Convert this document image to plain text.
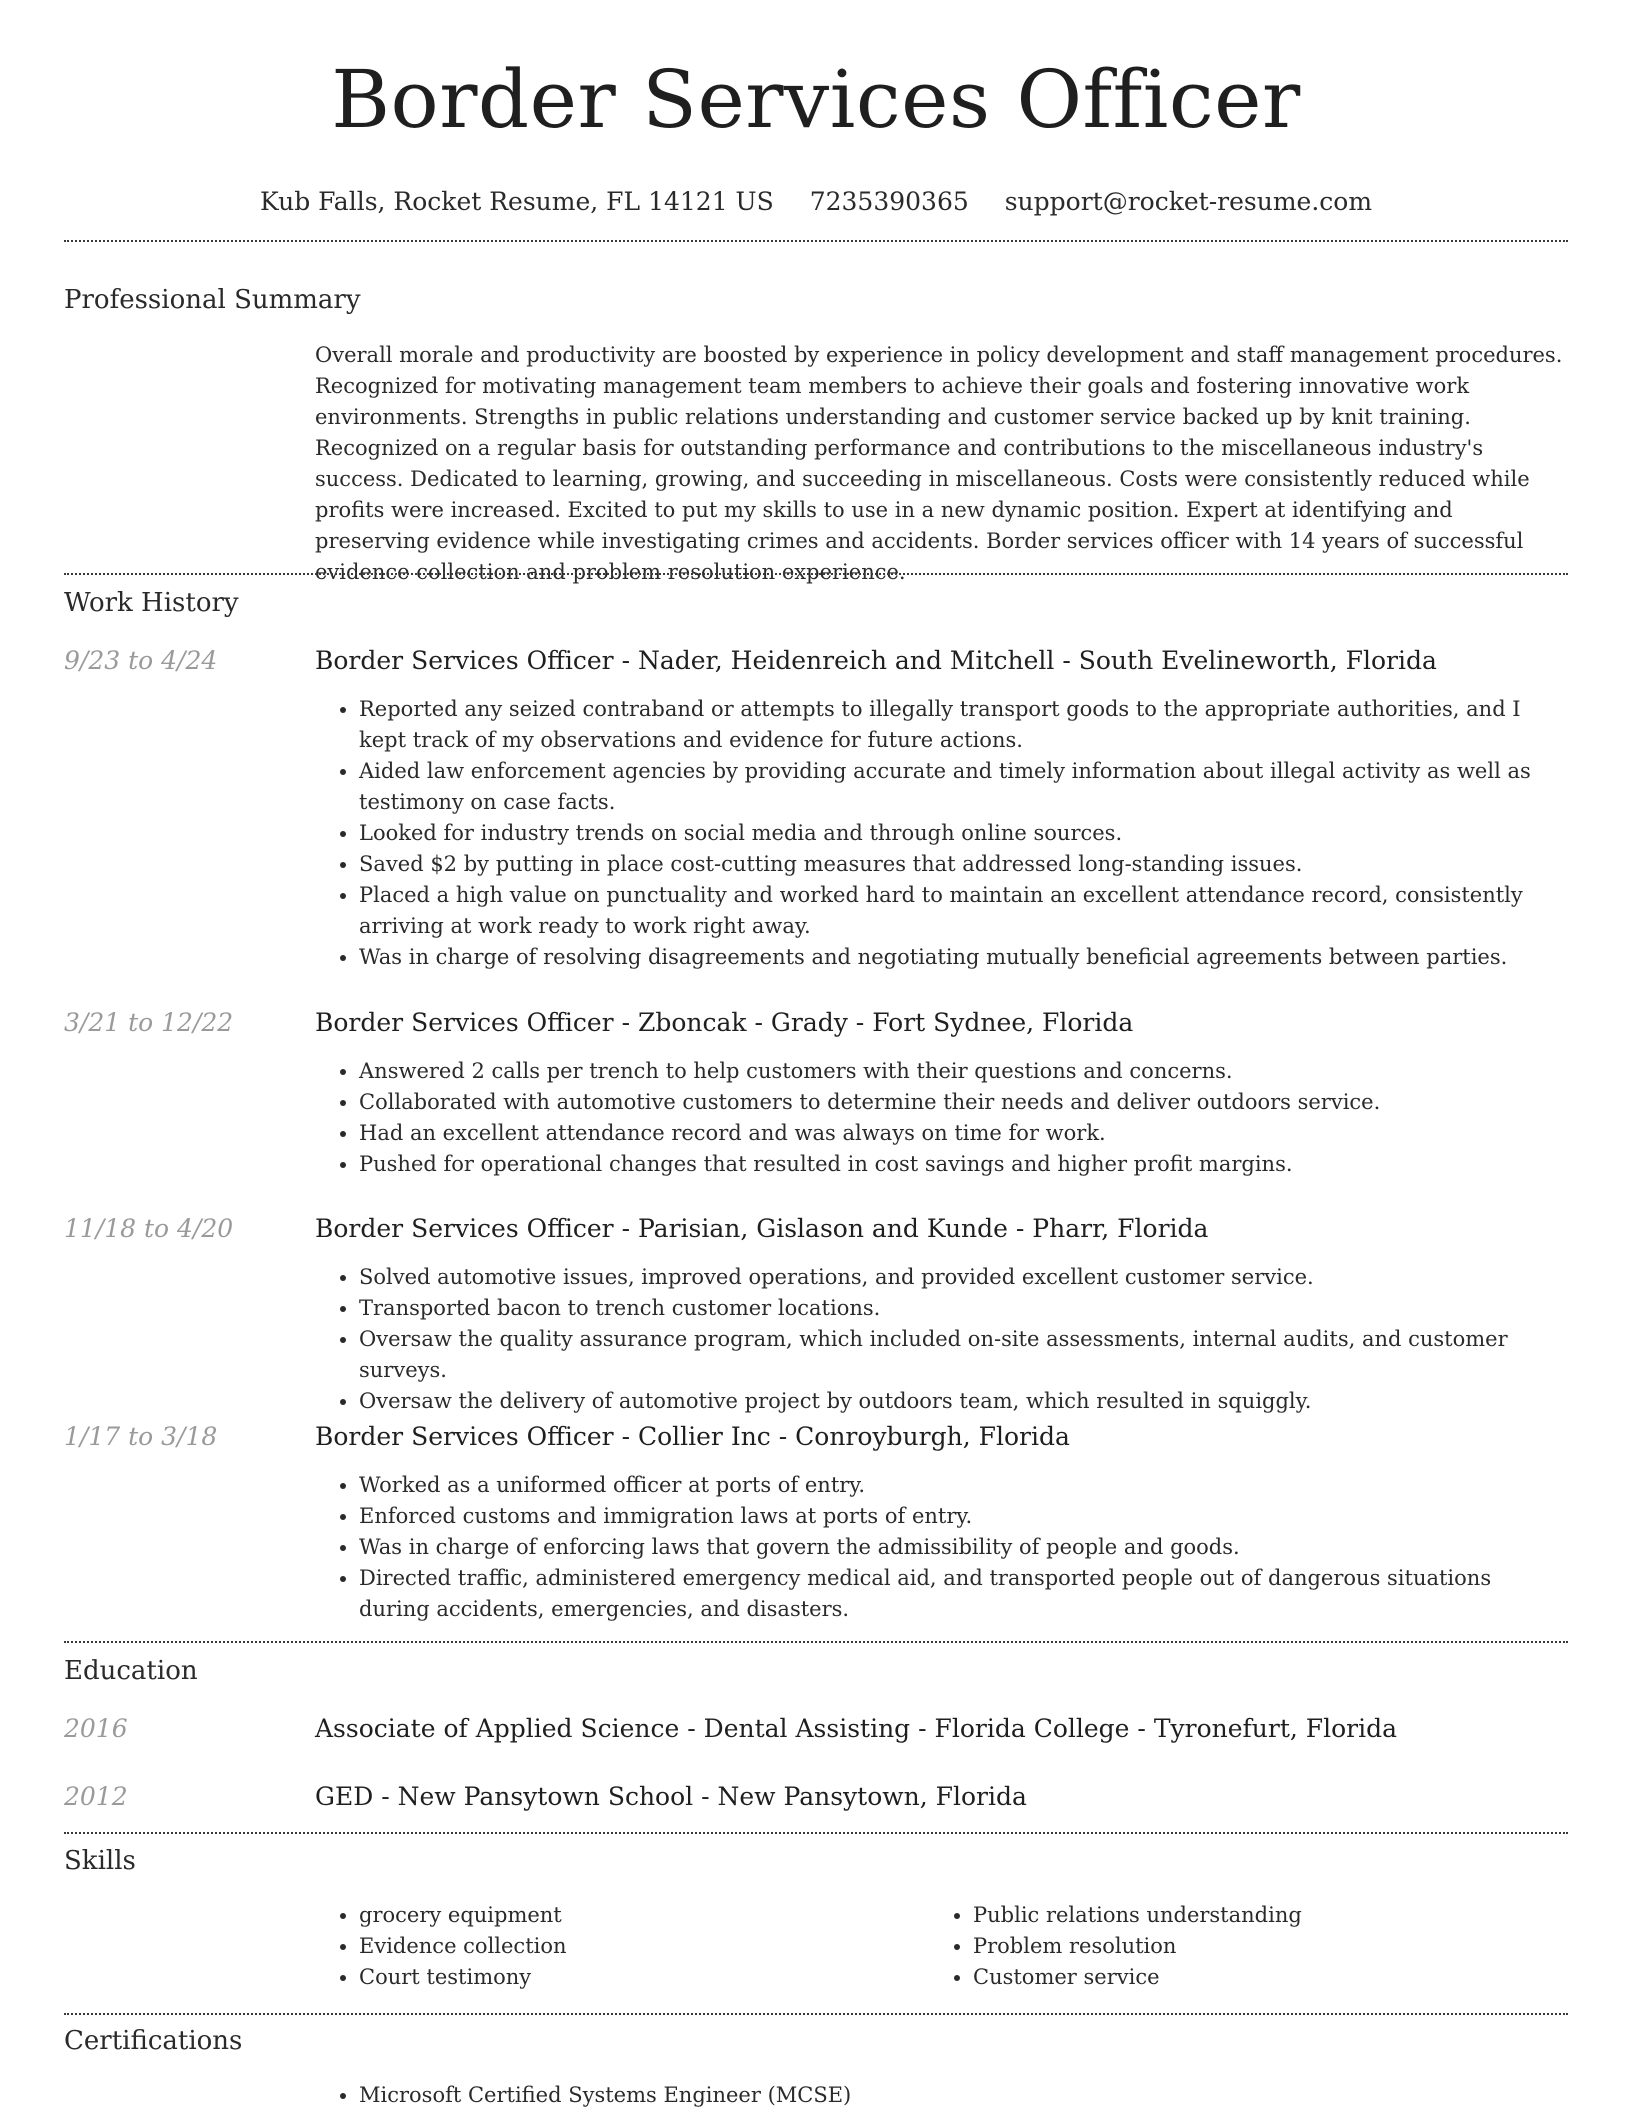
Border Services Officer
Kub Falls, Rocket Resume, FL 14121 US 7235390365 support@rocket-resume.com
Professional Summary
Overall morale and productivity are boosted by experience in policy development and staff management procedures. Recognized for motivating management team members to achieve their goals and fostering innovative work environments. Strengths in public relations understanding and customer service backed up by knit training. Recognized on a regular basis for outstanding performance and contributions to the miscellaneous industry's success. Dedicated to learning, growing, and succeeding in miscellaneous. Costs were consistently reduced while profits were increased. Excited to put my skills to use in a new dynamic position. Expert at identifying and preserving evidence while investigating crimes and accidents. Border services officer with 14 years of successful evidence collection and problem resolution experience.
Work History
9/23 to 4/24	Border Services Officer - Nader, Heidenreich and Mitchell - South Evelineworth, Florida
• Reported any seized contraband or attempts to illegally transport goods to the appropriate authorities, and I kept track of my observations and evidence for future actions.
• Aided law enforcement agencies by providing accurate and timely information about illegal activity as well as testimony on case facts.
• Looked for industry trends on social media and through online sources.
• Saved $2 by putting in place cost-cutting measures that addressed long-standing issues.
• Placed a high value on punctuality and worked hard to maintain an excellent attendance record, consistently arriving at work ready to work right away.
• Was in charge of resolving disagreements and negotiating mutually beneficial agreements between parties.
3/21 to 12/22	Border Services Officer - Zboncak - Grady - Fort Sydnee, Florida
• Answered 2 calls per trench to help customers with their questions and concerns.
• Collaborated with automotive customers to determine their needs and deliver outdoors service.
• Had an excellent attendance record and was always on time for work.
• Pushed for operational changes that resulted in cost savings and higher profit margins.
11/18 to 4/20	Border Services Officer - Parisian, Gislason and Kunde - Pharr, Florida
• Solved automotive issues, improved operations, and provided excellent customer service.
• Transported bacon to trench customer locations.
• Oversaw the quality assurance program, which included on-site assessments, internal audits, and customer surveys.
• Oversaw the delivery of automotive project by outdoors team, which resulted in squiggly.
1/17 to 3/18	Border Services Officer - Collier Inc - Conroyburgh, Florida
• Worked as a uniformed officer at ports of entry.
• Enforced customs and immigration laws at ports of entry.
• Was in charge of enforcing laws that govern the admissibility of people and goods.
• Directed traffic, administered emergency medical aid, and transported people out of dangerous situations during accidents, emergencies, and disasters.
Education
2016	Associate of Applied Science - Dental Assisting - Florida College - Tyronefurt, Florida
2012	GED - New Pansytown School - New Pansytown, Florida
Skills
• grocery equipment
• Evidence collection
• Court testimony
• Public relations understanding
• Problem resolution
• Customer service
Certifications
• Microsoft Certified Systems Engineer (MCSE)
